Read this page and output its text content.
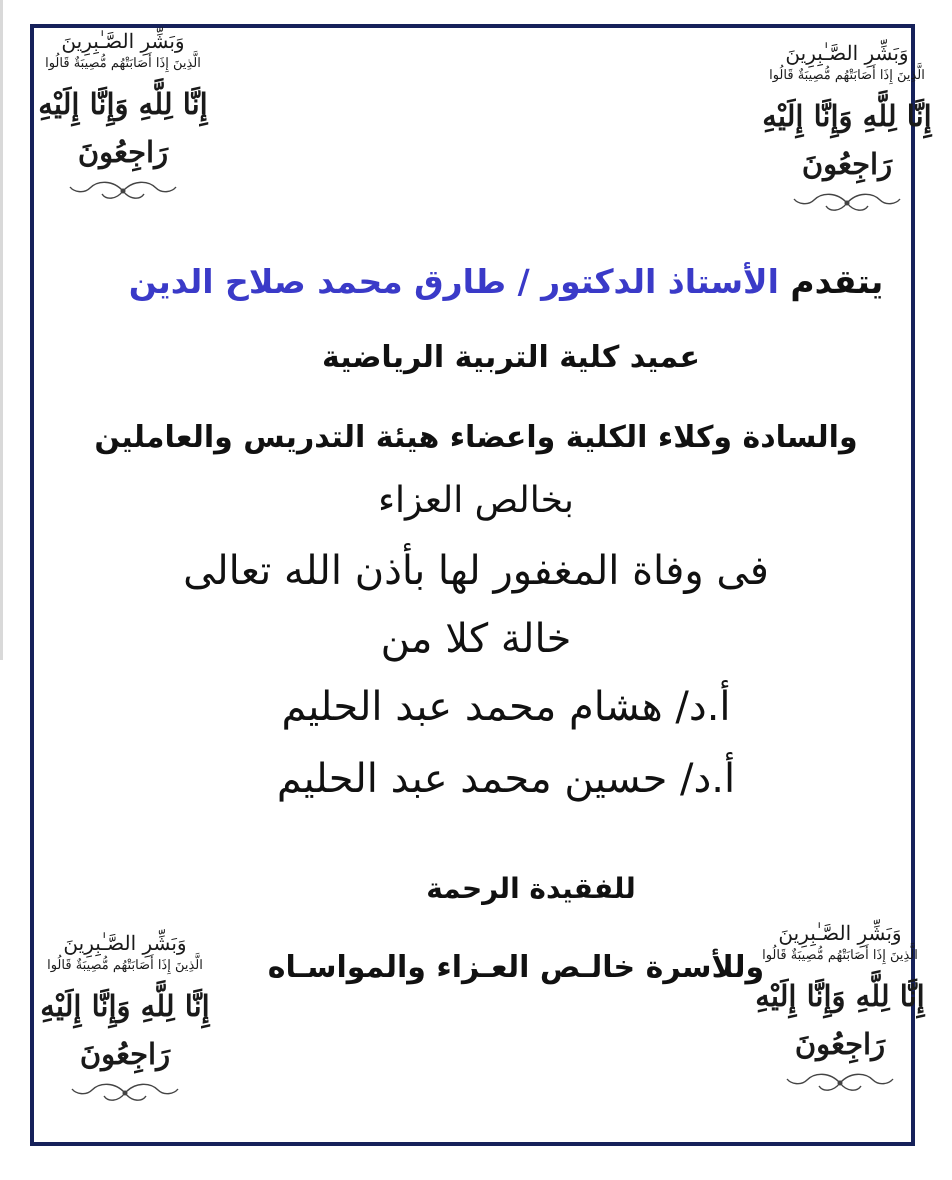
وَبَشِّرِ الصَّـٰبِرِينَ
الَّذِينَ إِذَا أَصَابَتْهُم مُّصِيبَةٌ قَالُوا
إِنَّا لِلَّهِ وَإِنَّا إِلَيْهِ رَاجِعُونَ
وَبَشِّرِ الصَّـٰبِرِينَ
الَّذِينَ إِذَا أَصَابَتْهُم مُّصِيبَةٌ قَالُوا
إِنَّا لِلَّهِ وَإِنَّا إِلَيْهِ رَاجِعُونَ
وَبَشِّرِ الصَّـٰبِرِينَ
الَّذِينَ إِذَا أَصَابَتْهُم مُّصِيبَةٌ قَالُوا
إِنَّا لِلَّهِ وَإِنَّا إِلَيْهِ رَاجِعُونَ
وَبَشِّرِ الصَّـٰبِرِينَ
الَّذِينَ إِذَا أَصَابَتْهُم مُّصِيبَةٌ قَالُوا
إِنَّا لِلَّهِ وَإِنَّا إِلَيْهِ رَاجِعُونَ
يتقدم الأستاذ الدكتور / طارق محمد صلاح الدين
عميد كلية التربية الرياضية
والسادة وكلاء الكلية واعضاء هيئة التدريس والعاملين
بخالص العزاء
فى وفاة المغفور لها بأذن الله تعالى
خالة كلا من
أ.د/ هشام محمد عبد الحليم
أ.د/ حسين محمد عبد الحليم
للفقيدة الرحمة
وللأسرة خالـص العـزاء والمواسـاه
